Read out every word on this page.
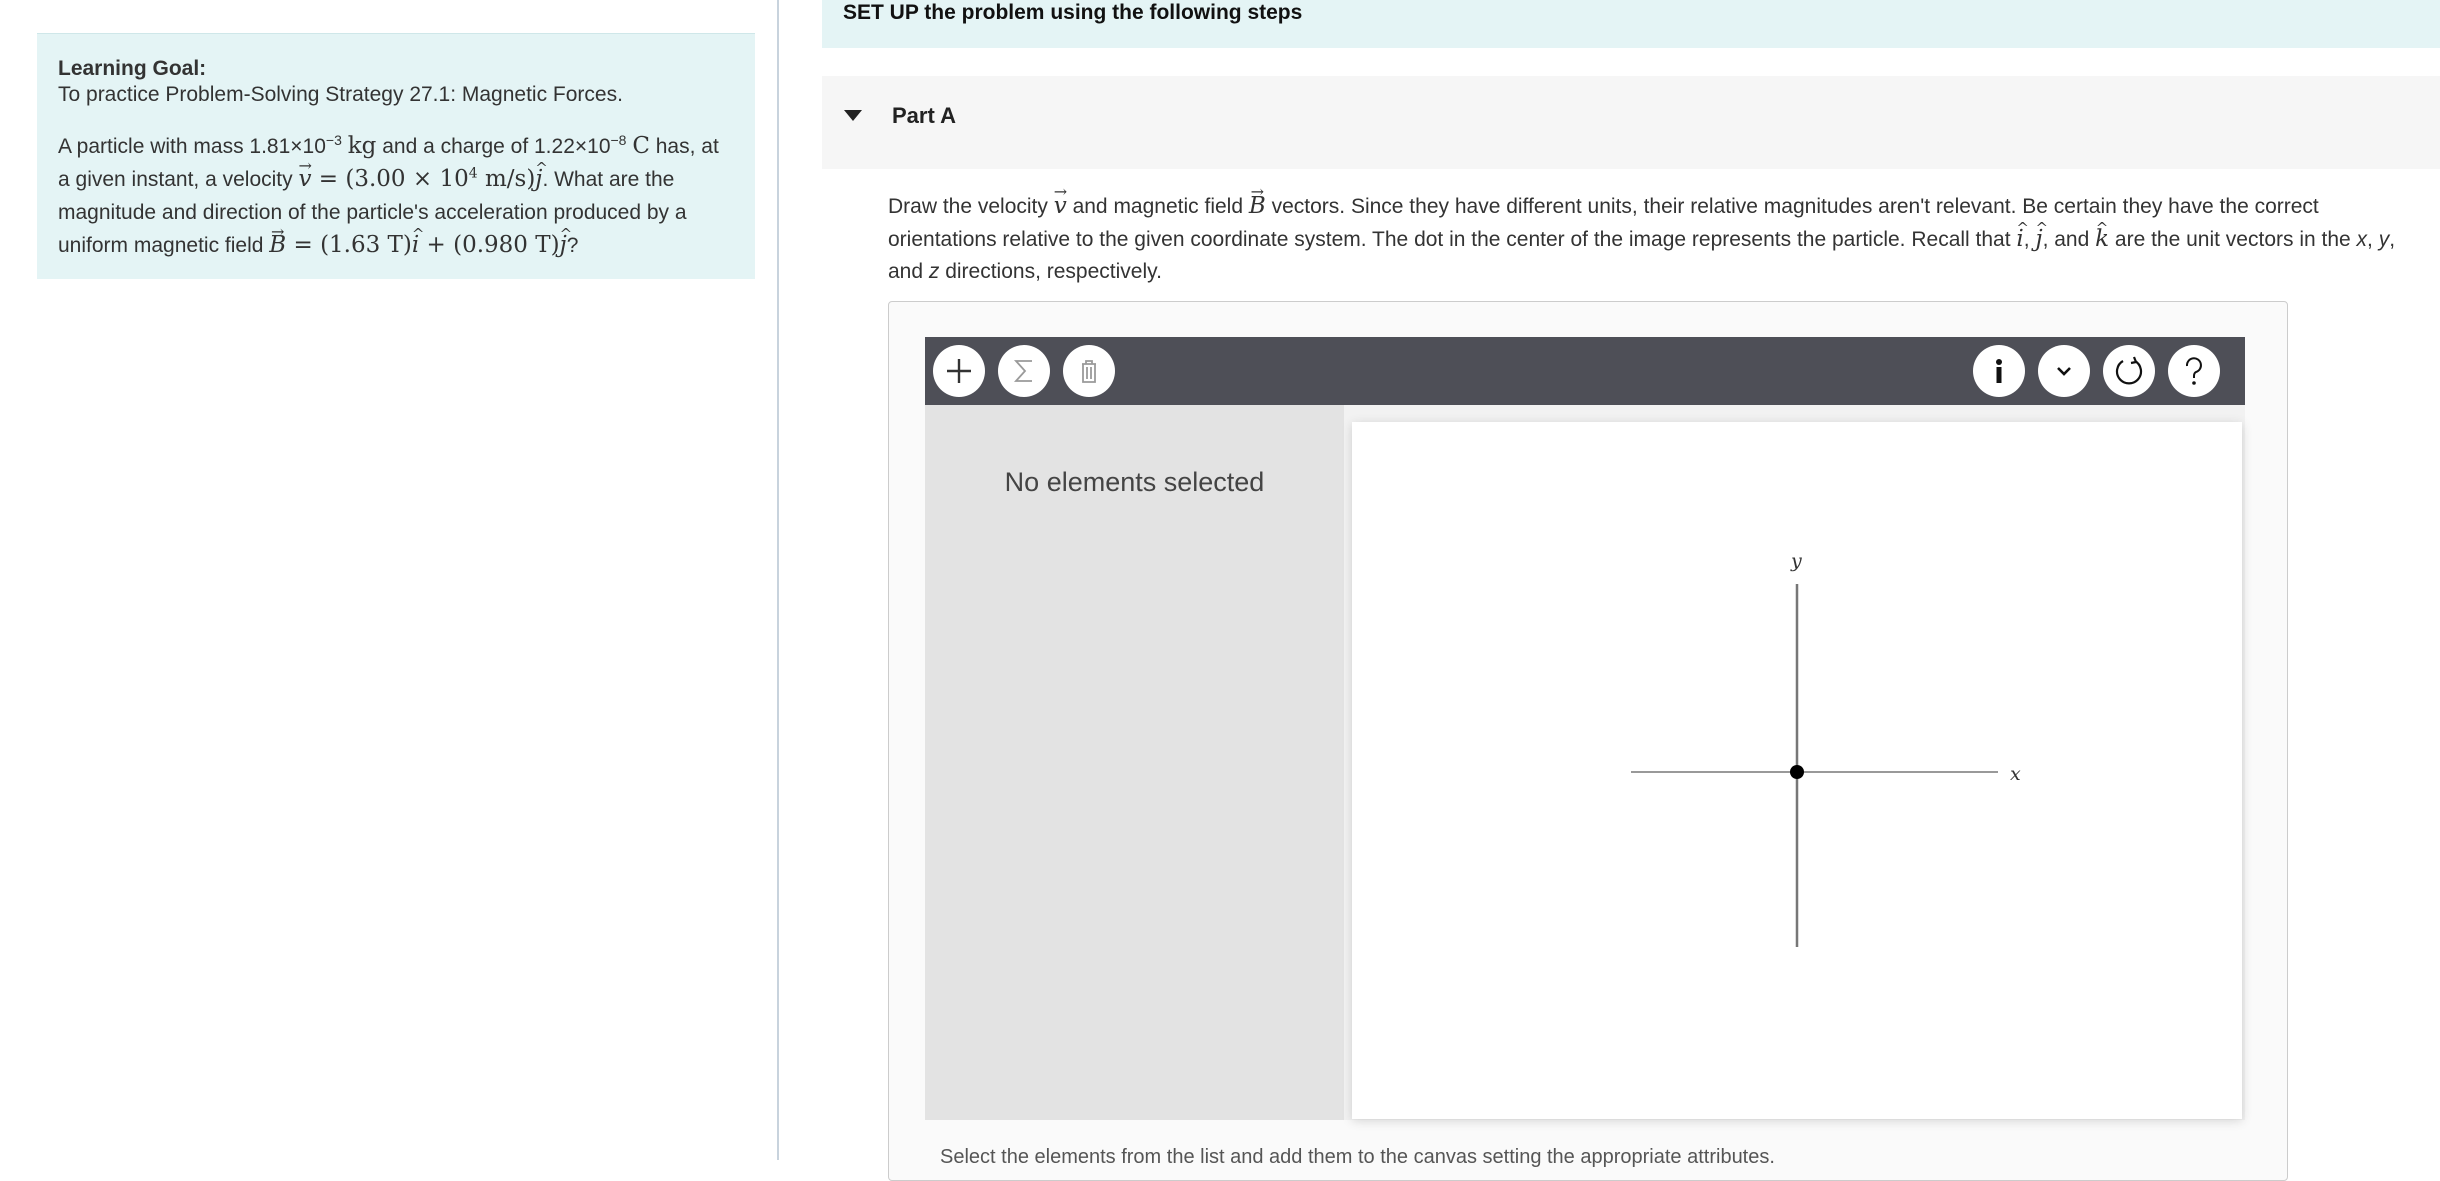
Learning Goal:
To practice Problem-Solving Strategy 27.1: Magnetic Forces.
A particle with mass $1.81\times 10^{-3}$ kg and a charge of $1.22\times 10^{-8}$ C has, at a given instant, a velocity → $v = (3.00 \times 10^4$ m/s)^ j. What are the magnitude and direction of the particle's acceleration produced by a uniform magnetic field → B = (1.63 T)^ i + (0.980 T)^ j?
SET UP the problem using the following steps
Part A
Draw the velocity → v and magnetic field → B vectors. Since they have different units, their relative magnitudes aren't relevant. Be certain they have the correct orientations relative to the given coordinate system. The dot in the center of the image represents the particle. Recall that ^ i, ^ j, and ^ k are the unit vectors in the x, y, and z directions, respectively.
No elements selected
x
y
Select the elements from the list and add them to the canvas setting the appropriate attributes.
